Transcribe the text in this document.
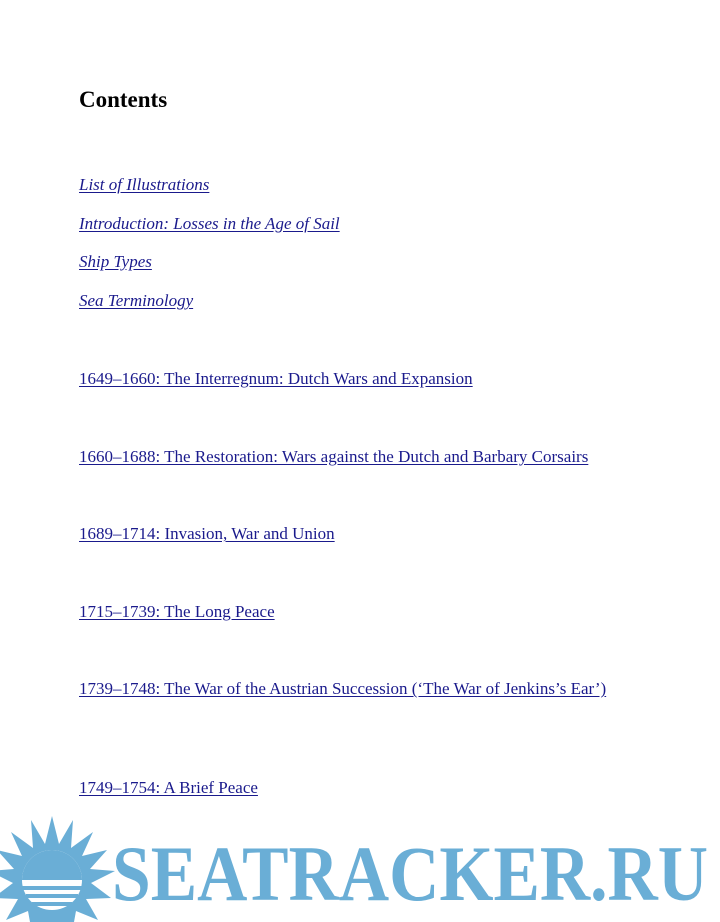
Contents
List of Illustrations
Introduction: Losses in the Age of Sail
Ship Types
Sea Terminology
1649–1660: The Interregnum: Dutch Wars and Expansion
1660–1688: The Restoration: Wars against the Dutch and Barbary Corsairs
1689–1714: Invasion, War and Union
1715–1739: The Long Peace
1739–1748: The War of the Austrian Succession (‘The War of Jenkins’s Ear’)
1749–1754: A Brief Peace
SEATRACKER.RU
